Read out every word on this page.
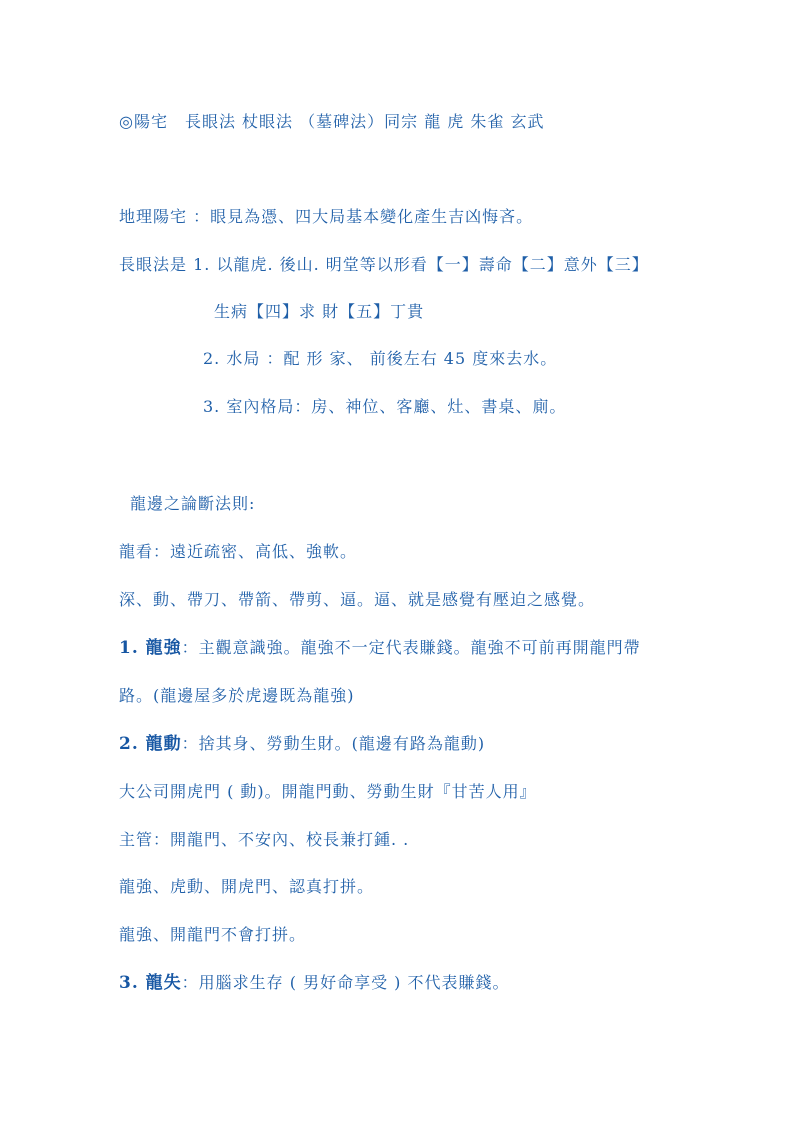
◎陽宅　長眼法 杖眼法 （墓碑法）同宗 龍 虎 朱雀 玄武
地理陽宅 ：眼見為憑、四大局基本變化產生吉凶悔吝。
長眼法是 1. 以龍虎. 後山. 明堂等以形看【一】壽命【二】意外【三】
生病【四】求 財【五】丁貴
2. 水局 ：配 形 家、 前後左右 45 度來去水。
3. 室內格局：房、神位、客廳、灶、書桌、廁。
龍邊之論斷法則:
龍看：遠近疏密、高低、強軟。
深、動、帶刀、帶箭、帶剪、逼。逼、就是感覺有壓迫之感覺。
1. 龍強：主觀意識強。龍強不一定代表賺錢。龍強不可前再開龍門帶
路。(龍邊屋多於虎邊既為龍強)
2. 龍動：捨其身、勞動生財。(龍邊有路為龍動)
大公司開虎門 ( 動)。開龍門動、勞動生財『甘苦人用』
主管：開龍門、不安內、校長兼打鍾. .
龍強、虎動、開虎門、認真打拼。
龍強、開龍門不會打拼。
3. 龍失：用腦求生存 ( 男好命享受 ) 不代表賺錢。
